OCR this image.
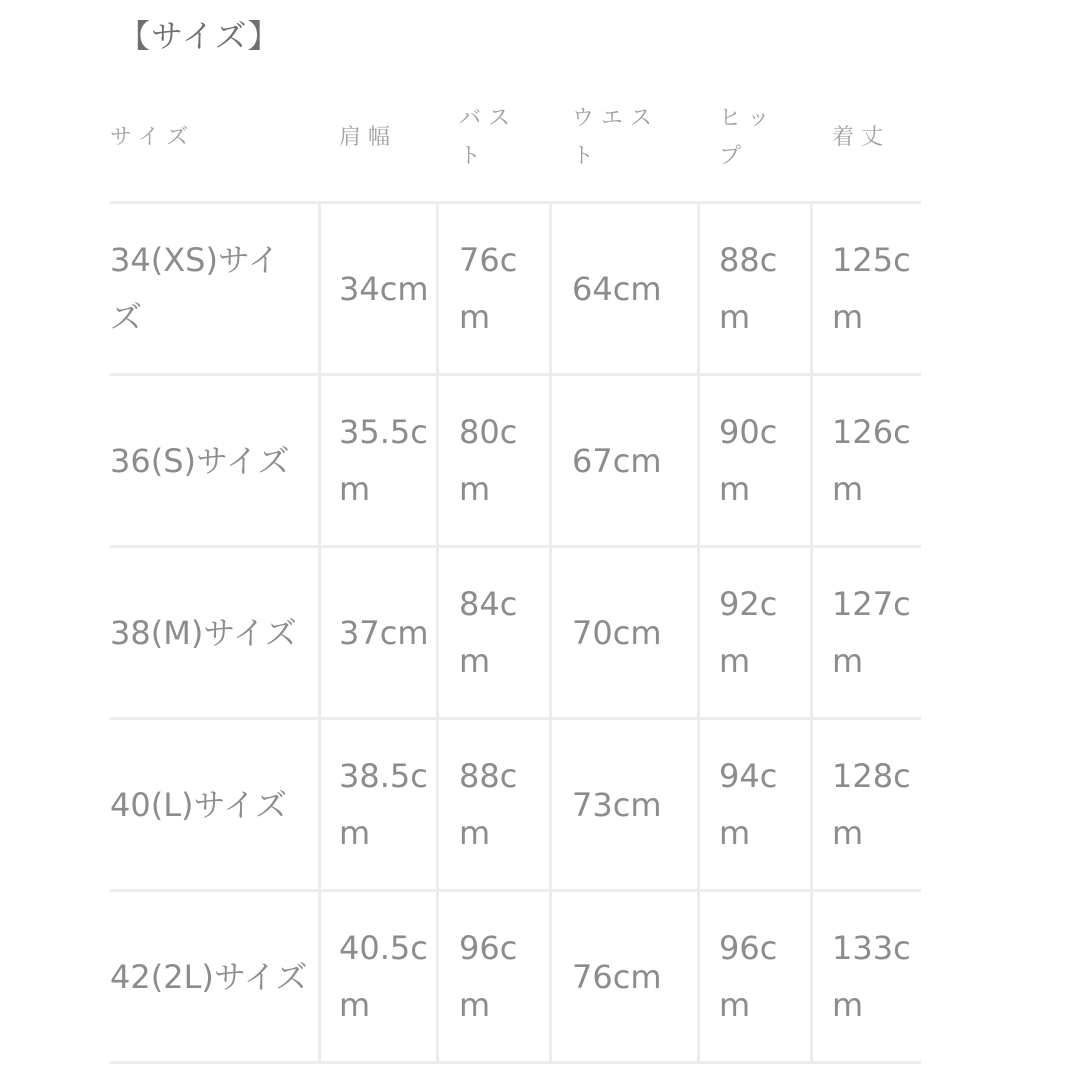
【サイズ】
サイズ	肩幅
バスト
ウエスト
ヒップ
着丈
34(XS)サイズ
34cm
76cm
64cm
88cm
125cm
36(S)サイズ
35.5cm
80cm
67cm
90cm
126cm
38(M)サイズ 37cm
84cm
70cm
92cm
127cm
40(L)サイズ
38.5cm
88cm
73cm
94cm
128cm
42(2L)サイズ
40.5cm
96cm
76cm
96cm
133cm
